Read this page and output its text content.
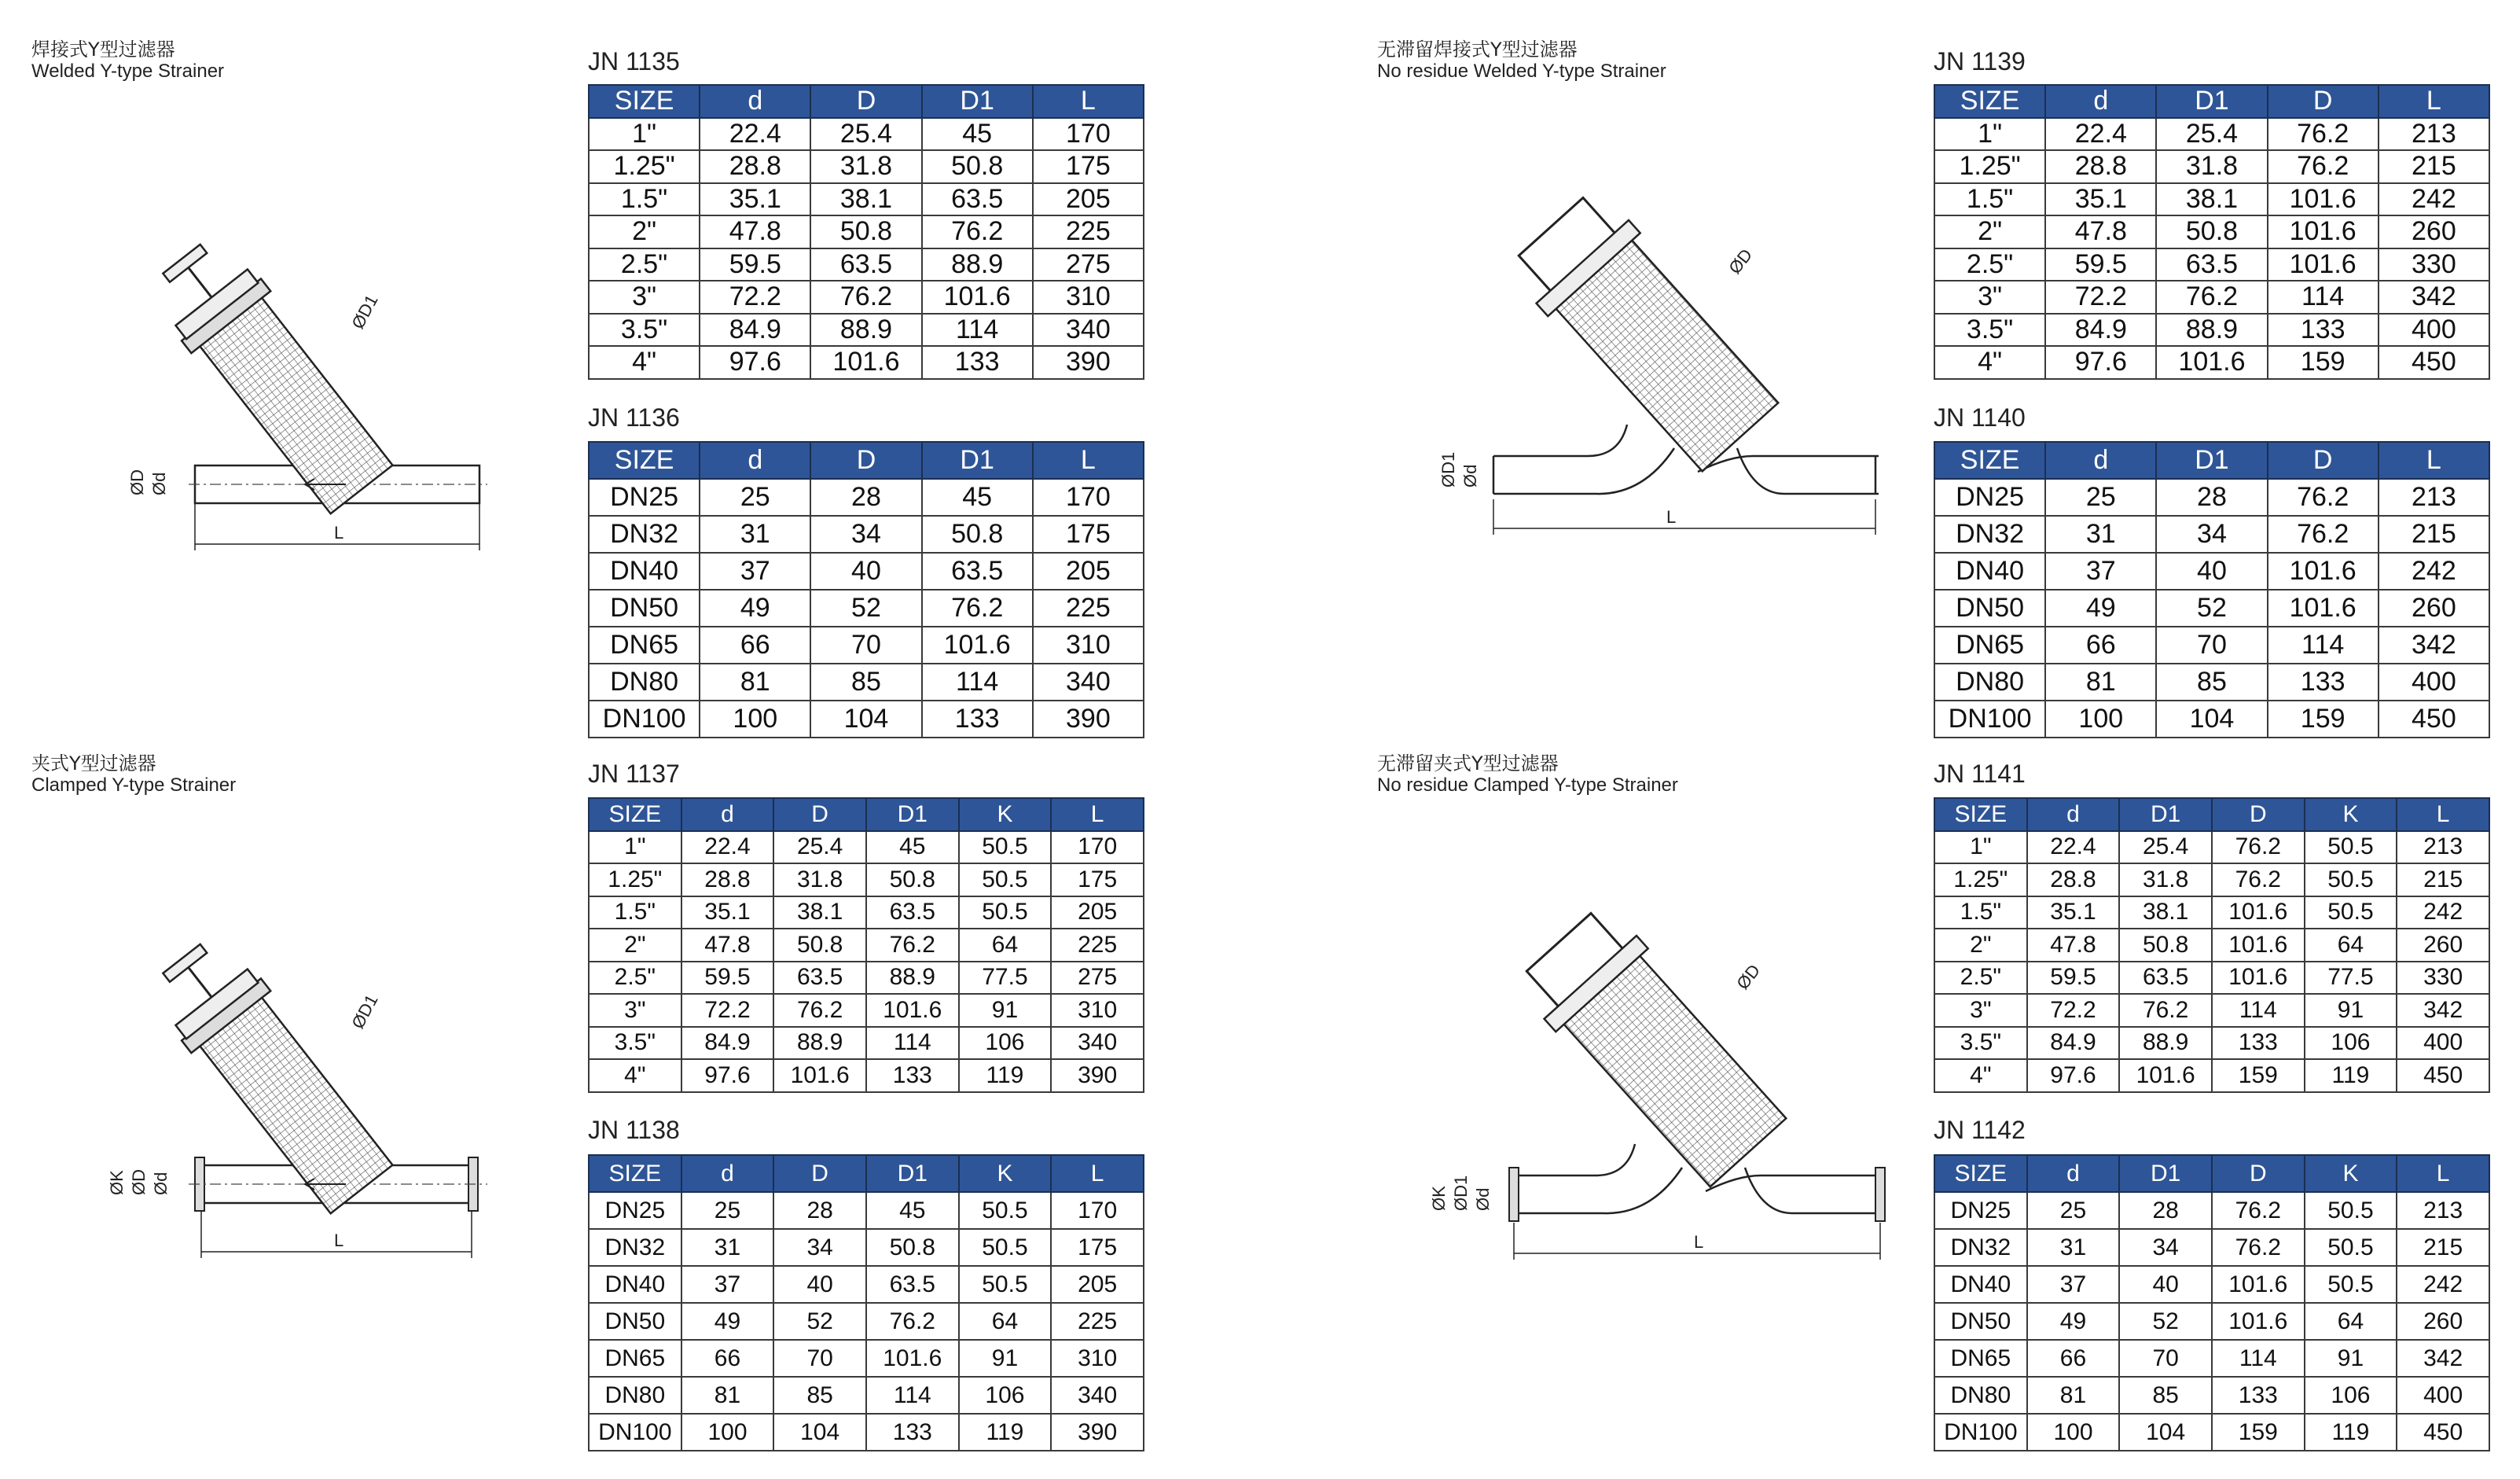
焊接式Y型过滤器
Welded Y-type Strainer
夹式Y型过滤器
Clamped Y-type Strainer
无滞留焊接式Y型过滤器
No residue Welded Y-type Strainer
无滞留夹式Y型过滤器
No residue Clamped Y-type Strainer
JN 1135
JN 1136
JN 1137
JN 1138
JN 1139
JN 1140
JN 1141
JN 1142
SIZE	d	D	D1	L
1"	22.4	25.4	45	170
1.25"	28.8	31.8	50.8	175
1.5"	35.1	38.1	63.5	205
2"	47.8	50.8	76.2	225
2.5"	59.5	63.5	88.9	275
3"	72.2	76.2	101.6	310
3.5"	84.9	88.9	114	340
4"	97.6	101.6	133	390
SIZE	d	D	D1	L
DN25	25	28	45	170
DN32	31	34	50.8	175
DN40	37	40	63.5	205
DN50	49	52	76.2	225
DN65	66	70	101.6	310
DN80	81	85	114	340
DN100	100	104	133	390
SIZE	d	D	D1	K	L
1"	22.4	25.4	45	50.5	170
1.25"	28.8	31.8	50.8	50.5	175
1.5"	35.1	38.1	63.5	50.5	205
2"	47.8	50.8	76.2	64	225
2.5"	59.5	63.5	88.9	77.5	275
3"	72.2	76.2	101.6	91	310
3.5"	84.9	88.9	114	106	340
4"	97.6	101.6	133	119	390
SIZE	d	D	D1	K	L
DN25	25	28	45	50.5	170
DN32	31	34	50.8	50.5	175
DN40	37	40	63.5	50.5	205
DN50	49	52	76.2	64	225
DN65	66	70	101.6	91	310
DN80	81	85	114	106	340
DN100	100	104	133	119	390
SIZE	d	D1	D	L
1"	22.4	25.4	76.2	213
1.25"	28.8	31.8	76.2	215
1.5"	35.1	38.1	101.6	242
2"	47.8	50.8	101.6	260
2.5"	59.5	63.5	101.6	330
3"	72.2	76.2	114	342
3.5"	84.9	88.9	133	400
4"	97.6	101.6	159	450
SIZE	d	D1	D	L
DN25	25	28	76.2	213
DN32	31	34	76.2	215
DN40	37	40	101.6	242
DN50	49	52	101.6	260
DN65	66	70	114	342
DN80	81	85	133	400
DN100	100	104	159	450
SIZE	d	D1	D	K	L
1"	22.4	25.4	76.2	50.5	213
1.25"	28.8	31.8	76.2	50.5	215
1.5"	35.1	38.1	101.6	50.5	242
2"	47.8	50.8	101.6	64	260
2.5"	59.5	63.5	101.6	77.5	330
3"	72.2	76.2	114	91	342
3.5"	84.9	88.9	133	106	400
4"	97.6	101.6	159	119	450
SIZE	d	D1	D	K	L
DN25	25	28	76.2	50.5	213
DN32	31	34	76.2	50.5	215
DN40	37	40	101.6	50.5	242
DN50	49	52	101.6	64	260
DN65	66	70	114	91	342
DN80	81	85	133	106	400
DN100	100	104	159	119	450
L
ØD Ød
ØD1
L
ØK ØD Ød
ØD1
L
ØD1 Ød
ØD
L
ØK ØD1 Ød
ØD
